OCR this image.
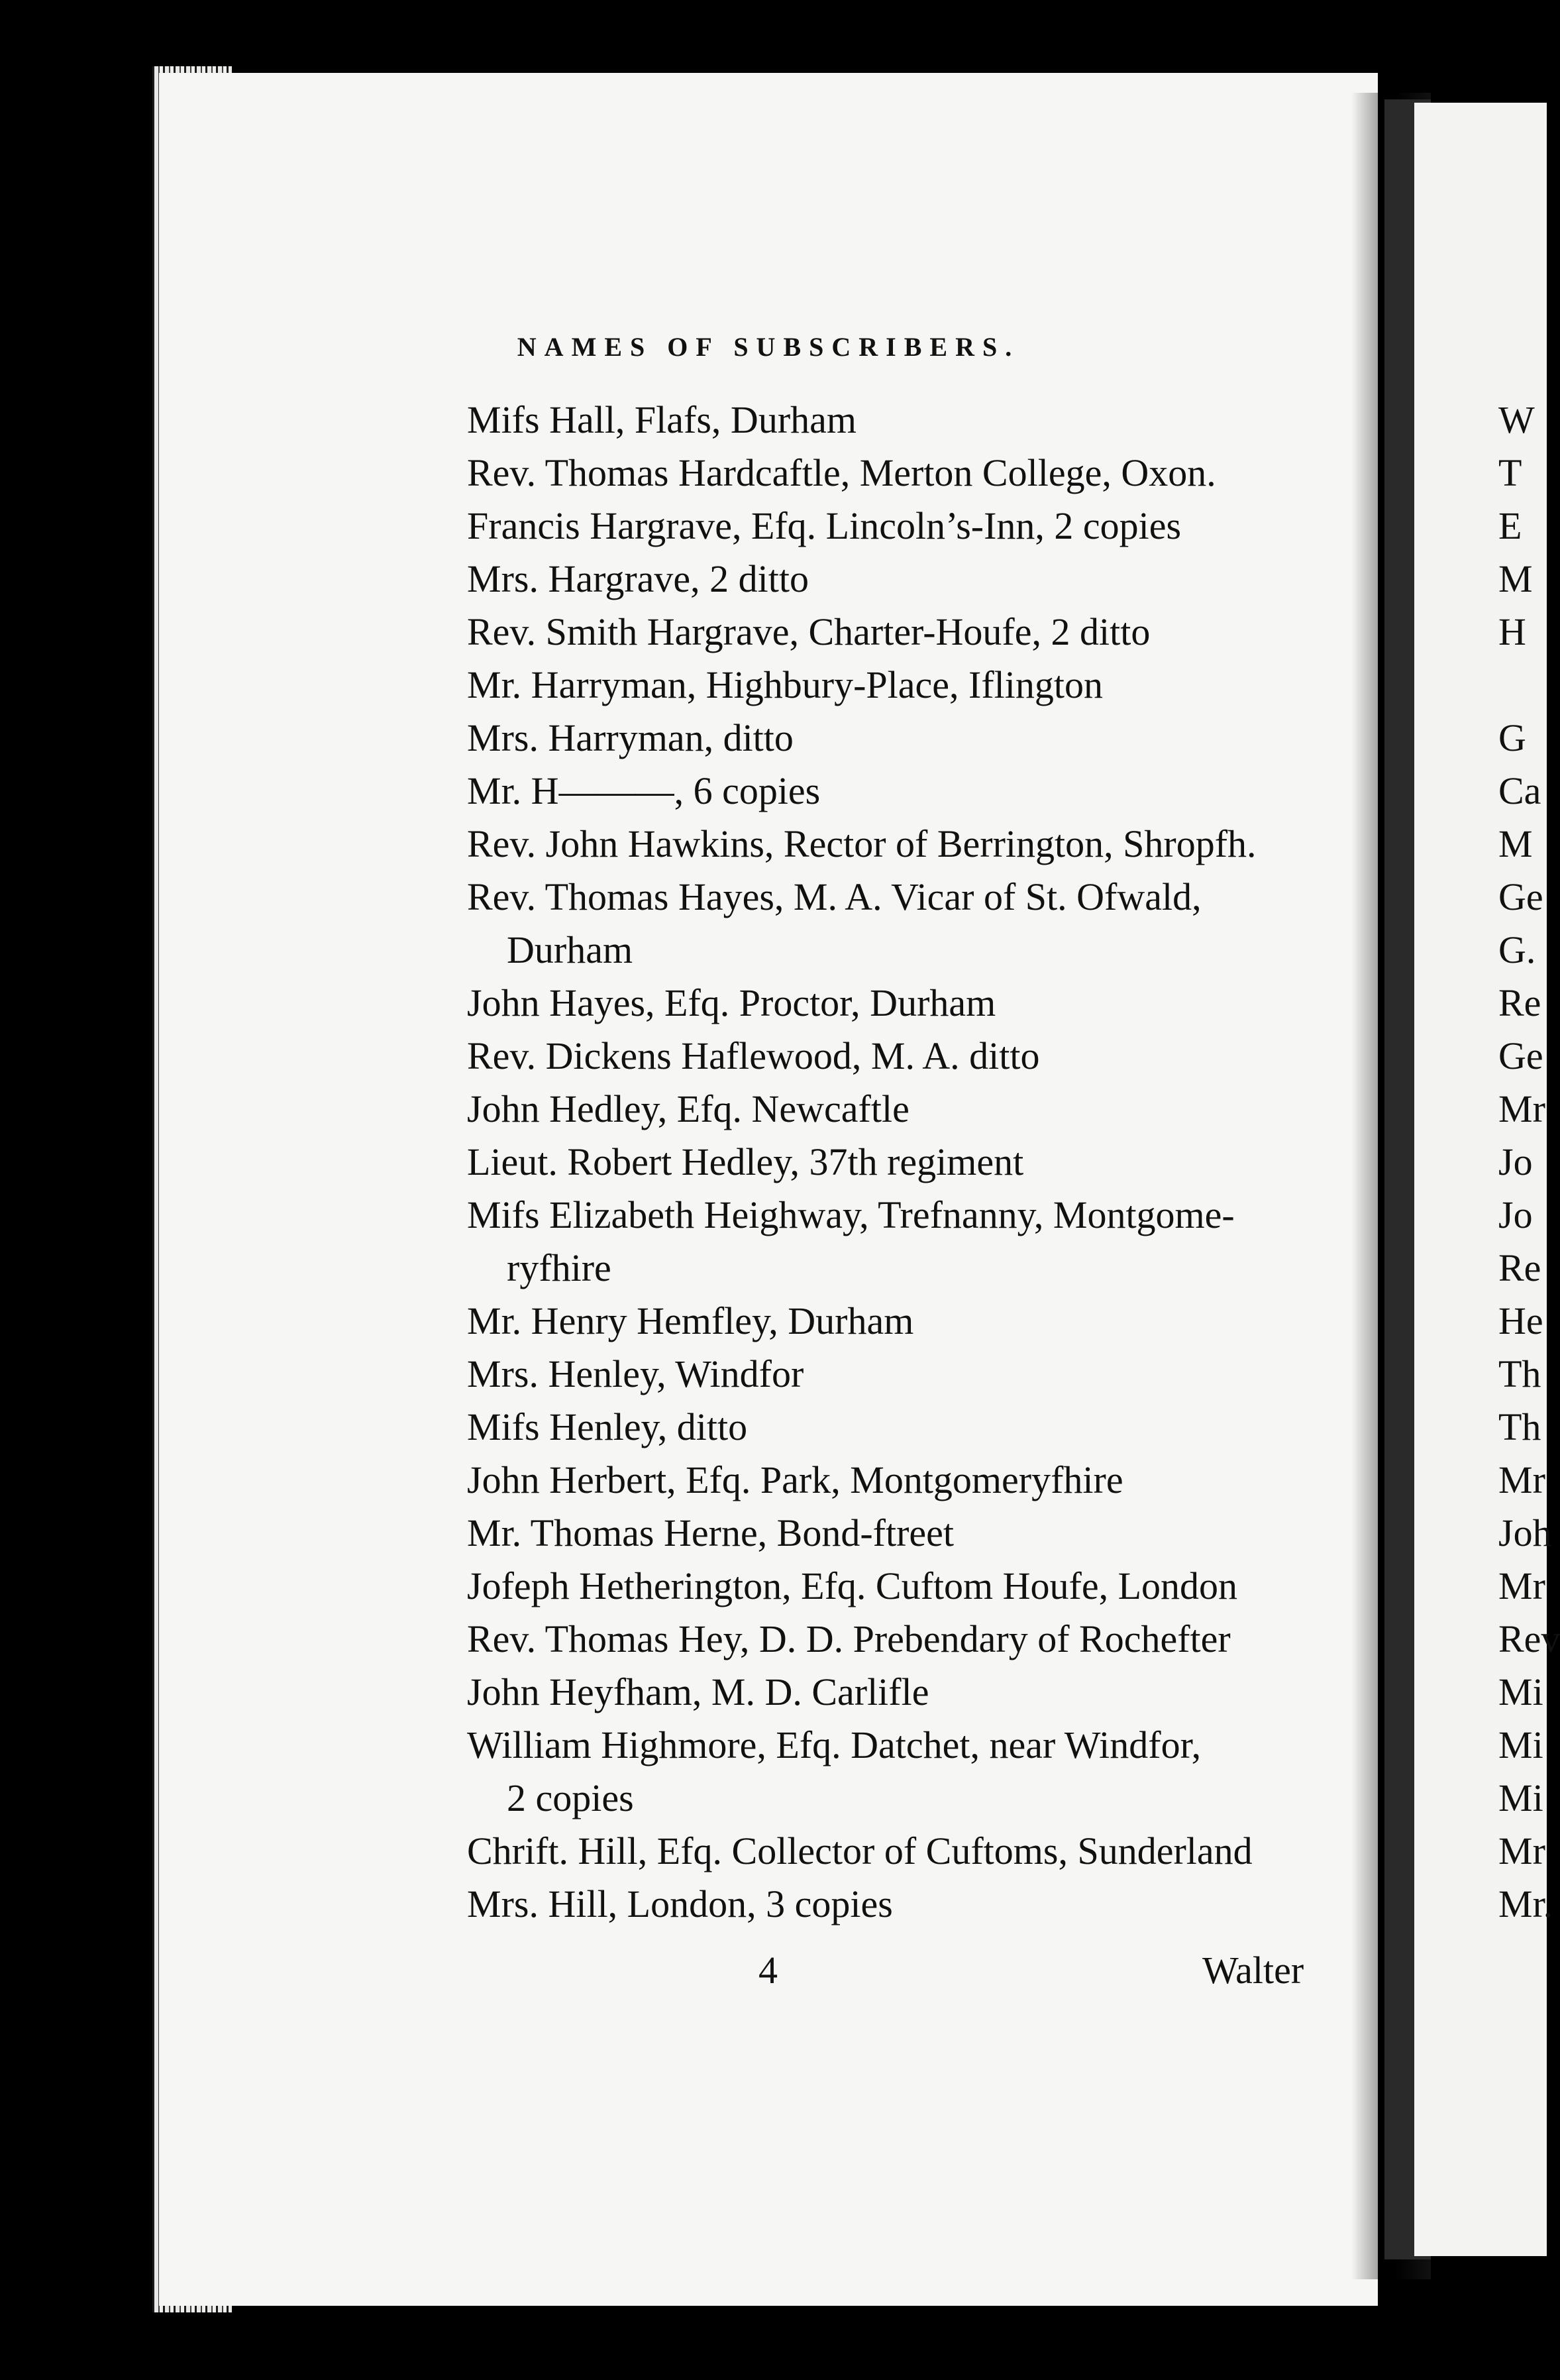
NAMES OF SUBSCRIBERS.
Mifs Hall, Flafs, Durham
Rev. Thomas Hardcaftle, Merton College, Oxon.
Francis Hargrave, Efq. Lincoln’s-Inn, 2 copies
Mrs. Hargrave, 2 ditto
Rev. Smith Hargrave, Charter-Houfe, 2 ditto
Mr. Harryman, Highbury-Place, Iflington
Mrs. Harryman, ditto
Mr. H———, 6 copies
Rev. John Hawkins, Rector of Berrington, Shropfh.
Rev. Thomas Hayes, M. A. Vicar of St. Ofwald,
Durham
John Hayes, Efq. Proctor, Durham
Rev. Dickens Haflewood, M. A. ditto
John Hedley, Efq. Newcaftle
Lieut. Robert Hedley, 37th regiment
Mifs Elizabeth Heighway, Trefnanny, Montgome-
ryfhire
Mr. Henry Hemfley, Durham
Mrs. Henley, Windfor
Mifs Henley, ditto
John Herbert, Efq. Park, Montgomeryfhire
Mr. Thomas Herne, Bond-ftreet
Jofeph Hetherington, Efq. Cuftom Houfe, London
Rev. Thomas Hey, D. D. Prebendary of Rochefter
John Heyfham, M. D. Carlifle
William Highmore, Efq. Datchet, near Windfor,
2 copies
Chrift. Hill, Efq. Collector of Cuftoms, Sunderland
Mrs. Hill, London, 3 copies
4	Walter
W
T
E
M
H
G
Ca
M
Ge
G.
Re
Ge
Mr
Jo
Jo
Re
He
Th
Th
Mr
Joh
Mr
Rev
Mi
Mi
Mi
Mr
Mr.
